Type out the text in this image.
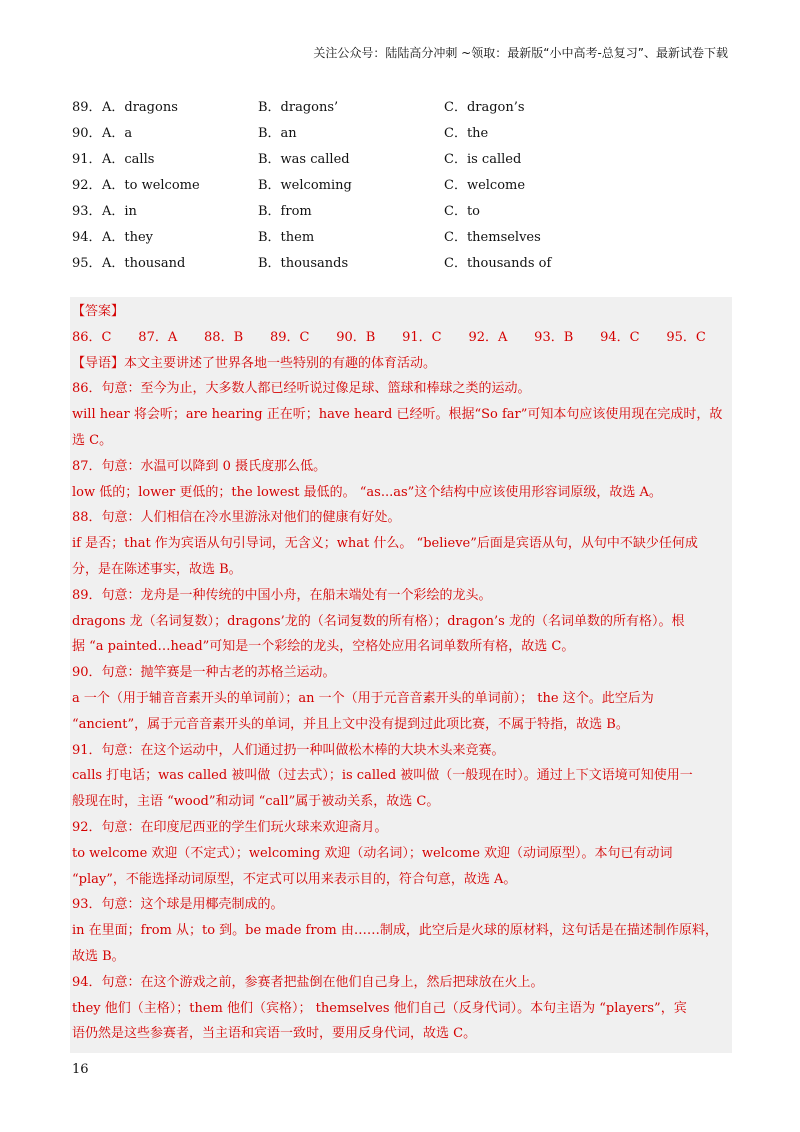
关注公众号：陆陆高分冲刺 ~领取：最新版“小中高考-总复习”、最新试卷下载
89． A．dragons	B．dragons’	C．dragon’s
90． A．a	B．an	C．the
91． A．calls	B．was called	C．is called
92． A．to welcome	B．welcoming	C．welcome
93． A．in	B．from	C．to
94． A．they	B．them	C．themselves
95． A．thousand	B．thousands	C．thousands of
【答案】
86．C 87．A 88．B 89．C 90．B 91．C 92．A 93．B 94．C 95．C
【导语】本文主要讲述了世界各地一些特别的有趣的体育活动。
86．句意：至今为止，大多数人都已经听说过像足球、篮球和棒球之类的运动。
will hear 将会听；are hearing 正在听；have heard 已经听。根据“So far”可知本句应该使用现在完成时，故
选 C。
87．句意：水温可以降到 0 摄氏度那么低。
low 低的；lower 更低的；the lowest 最低的。 “as...as”这个结构中应该使用形容词原级，故选 A。
88．句意：人们相信在冷水里游泳对他们的健康有好处。
if 是否；that 作为宾语从句引导词，无含义；what 什么。 “believe”后面是宾语从句，从句中不缺少任何成
分，是在陈述事实，故选 B。
89．句意：龙舟是一种传统的中国小舟，在船末端处有一个彩绘的龙头。
dragons 龙（名词复数）；dragons’龙的（名词复数的所有格）；dragon’s 龙的（名词单数的所有格）。根
据 “a painted…head”可知是一个彩绘的龙头，空格处应用名词单数所有格，故选 C。
90．句意：抛竿赛是一种古老的苏格兰运动。
a 一个（用于辅音音素开头的单词前）；an 一个（用于元音音素开头的单词前）； the 这个。此空后为
“ancient”，属于元音音素开头的单词，并且上文中没有提到过此项比赛，不属于特指，故选 B。
91．句意：在这个运动中，人们通过扔一种叫做松木棒的大块木头来竞赛。
calls 打电话；was called 被叫做（过去式）；is called 被叫做（一般现在时）。通过上下文语境可知使用一
般现在时，主语 “wood”和动词 “call”属于被动关系，故选 C。
92．句意：在印度尼西亚的学生们玩火球来欢迎斋月。
to welcome 欢迎（不定式）；welcoming 欢迎（动名词）；welcome 欢迎（动词原型）。本句已有动词
“play”，不能选择动词原型，不定式可以用来表示目的，符合句意，故选 A。
93．句意：这个球是用椰壳制成的。
in 在里面；from 从；to 到。be made from 由……制成，此空后是火球的原材料，这句话是在描述制作原料，
故选 B。
94．句意：在这个游戏之前，参赛者把盐倒在他们自己身上，然后把球放在火上。
they 他们（主格）；them 他们（宾格）； themselves 他们自己（反身代词）。本句主语为 “players”，宾
语仍然是这些参赛者，当主语和宾语一致时，要用反身代词，故选 C。
16
